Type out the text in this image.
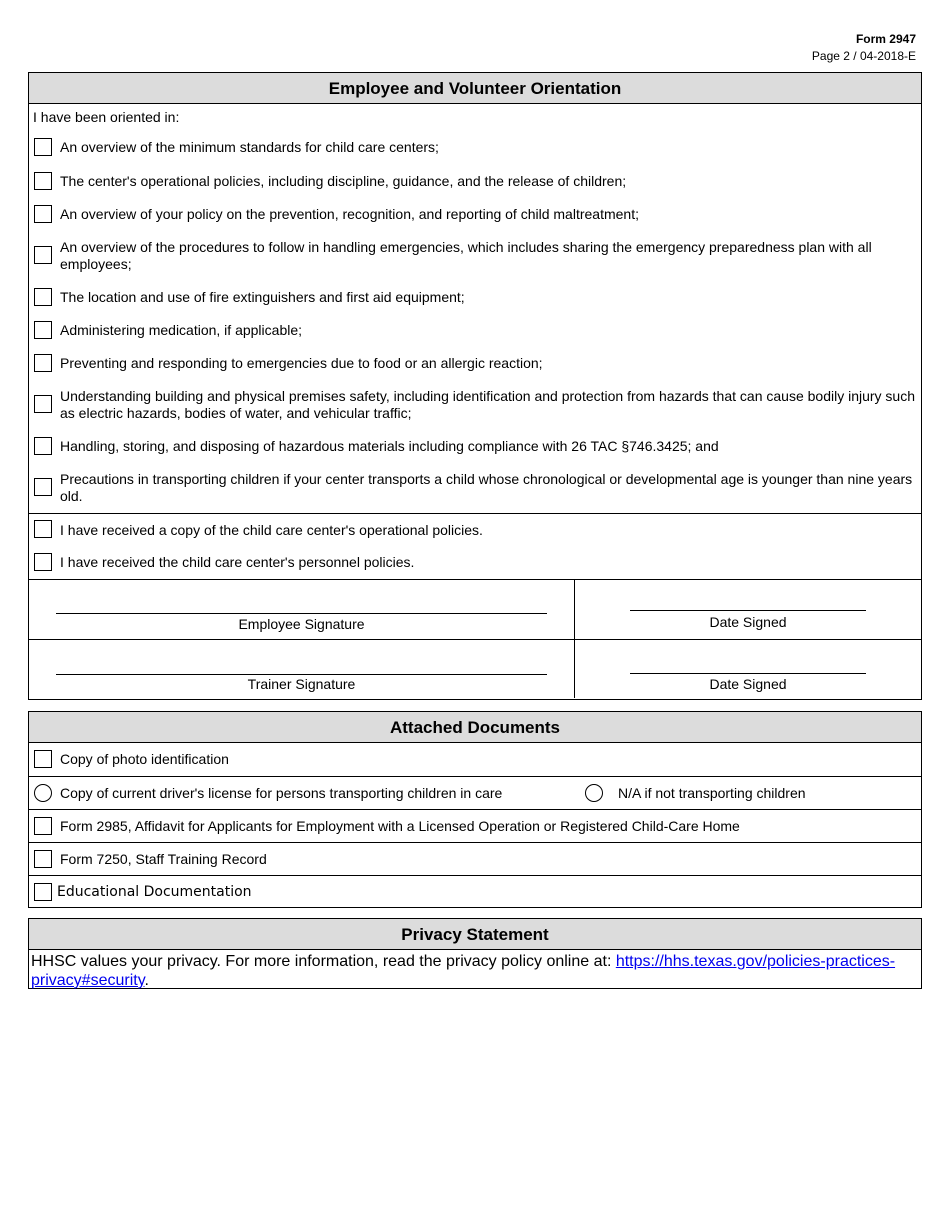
Form 2947
Page 2 / 04-2018-E
Employee and Volunteer Orientation
I have been oriented in:
An overview of the minimum standards for child care centers;
The center's operational policies, including discipline, guidance, and the release of children;
An overview of your policy on the prevention, recognition, and reporting of child maltreatment;
An overview of the procedures to follow in handling emergencies, which includes sharing the emergency preparedness plan with all employees;
The location and use of fire extinguishers and first aid equipment;
Administering medication, if applicable;
Preventing and responding to emergencies due to food or an allergic reaction;
Understanding building and physical premises safety, including identification and protection from hazards that can cause bodily injury such as electric hazards, bodies of water, and vehicular traffic;
Handling, storing, and disposing of hazardous materials including compliance with 26 TAC §746.3425; and
Precautions in transporting children if your center transports a child whose chronological or developmental age is younger than nine years old.
I have received a copy of the child care center's operational policies.
I have received the child care center's personnel policies.
Employee Signature	Date Signed
Trainer Signature	Date Signed
Attached Documents
Copy of photo identification
Copy of current driver's license for persons transporting children in care	N/A if not transporting children
Form 2985, Affidavit for Applicants for Employment with a Licensed Operation or Registered Child-Care Home
Form 7250, Staff Training Record
Educational Documentation
Privacy Statement
HHSC values your privacy. For more information, read the privacy policy online at: https://hhs.texas.gov/policies-practices-privacy#security.
